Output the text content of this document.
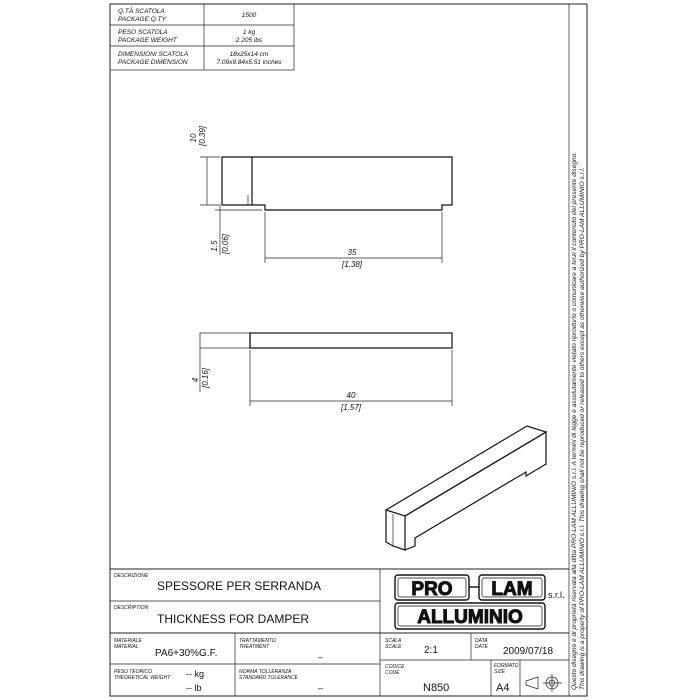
Q.TÀ SCATOLA
PACKAGE Q.TY
1500
PESO SCATOLA
PACKAGE WEIGHT
1 kg
2.205 lbs
DIMENSIONI SCATOLA
PACKAGE DIMENSION
18x25x14 cm
7.09x9.84x5.51 inches
10 [0.39]
1.5 [0.06]	35
[1.38]
4 [0.16]
40
[1.57]	Questo disegno è di proprietà riservata alla ditta PRO-LAM ALLUMINIO s.r.l. A termini di legge è assolutamente vietato riprodurlo o comunicare a terzi il contenuto del presente disegno. This drawing is a property of PRO-LAM ALLUMINIO s.r.l. This drawing shall not be reproduced or released to others except as otherwise authorized by PRO-LAM ALLUMINIO s.r.l.
DESCRIZIONE
SPESSORE PER SERRANDA
DESCRIPTION
THICKNESS FOR DAMPER
MATERIALE
MATERIAL
PA6+30%G.F.
TRATTAMENTO
TREATMENT
–
PESO TEORICO
THEORETICAL WEIGHT -- kg
-- lb
NORMA TOLLERANZA
STANDARD TOLERANCE
–
SCALA
SCALE 2:1
DATA
DATE 2009/07/18
CODICE
CODE
N850
FORMATO
SIZE
A4
PRO LAM s.r.l.
ALLUMINIO
